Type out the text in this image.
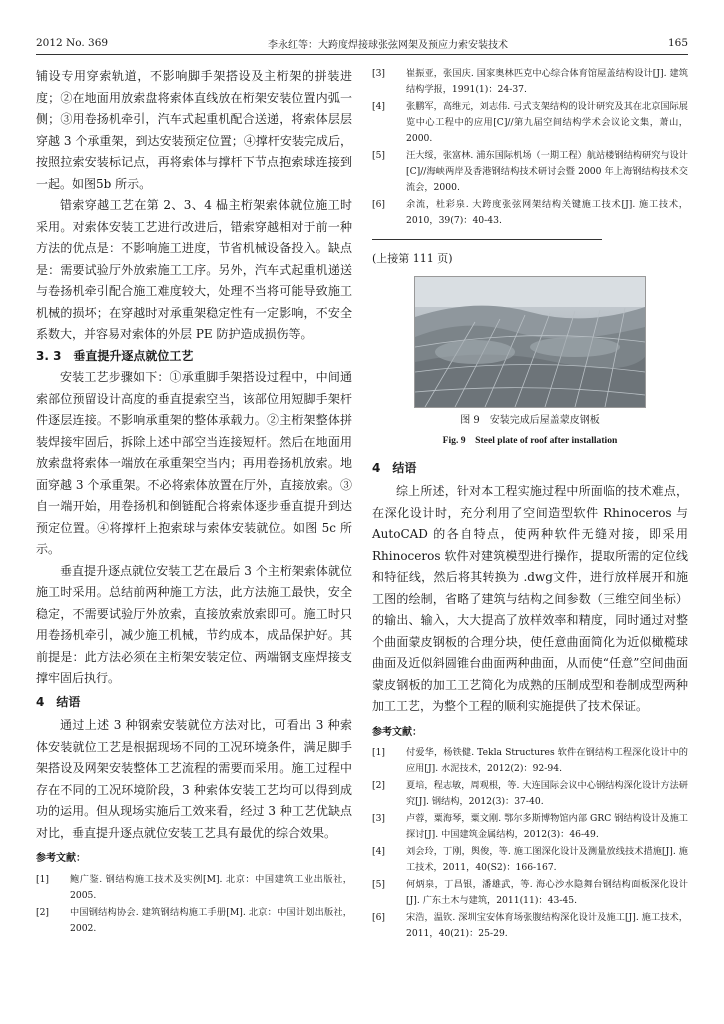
2012 No. 369	李永红等：大跨度焊接球张弦网架及预应力索安装技术	165

铺设专用穿索轨道，不影响脚手架搭设及主桁架的拼装进度；②在地面用放索盘将索体直线放在桁架安装位置内弧一侧；③用卷扬机牵引，汽车式起重机配合送递，将索体层层穿越 3 个承重架，到达安装预定位置；④撑杆安装完成后，按照拉索安装标记点，再将索体与撑杆下节点抱索球连接到一起。如图5b 所示。

错索穿越工艺在第 2、3、4 榀主桁架索体就位施工时采用。对索体安装工艺进行改进后，错索穿越相对于前一种方法的优点是：不影响施工进度，节省机械设备投入。缺点是：需要试验厅外放索施工工序。另外，汽车式起重机递送与卷扬机牵引配合施工难度较大，处理不当将可能导致施工机械的损坏；在穿越时对承重架稳定性有一定影响，不安全系数大，并容易对索体的外层 PE 防护造成损伤等。

3. 3　垂直提升逐点就位工艺

安装工艺步骤如下：①承重脚手架搭设过程中，中间通索部位预留设计高度的垂直提索空当，该部位用短脚手架杆件逐层连接。不影响承重架的整体承载力。②主桁架整体拼装焊接牢固后，拆除上述中部空当连接短杆。然后在地面用放索盘将索体一端放在承重架空当内；再用卷扬机放索。地面穿越 3 个承重架。不必将索体放置在厅外，直接放索。③自一端开始，用卷扬机和倒链配合将索体逐步垂直提升到达预定位置。④将撑杆上抱索球与索体安装就位。如图 5c 所示。

垂直提升逐点就位安装工艺在最后 3 个主桁架索体就位施工时采用。总结前两种施工方法，此方法施工最快，安全稳定，不需要试验厅外放索，直接放索放索即可。施工时只用卷扬机牵引，减少施工机械，节约成本，成品保护好。其前提是：此方法必须在主桁架安装定位、两端钢支座焊接支撑牢固后执行。

4　结语

通过上述 3 种钢索安装就位方法对比，可看出 3 种索体安装就位工艺是根据现场不同的工况环境条件，满足脚手架搭设及网架安装整体工艺流程的需要而采用。施工过程中存在不同的工况环境阶段，3 种索体安装工艺均可以得到成功的运用。但从现场实施后工效来看，经过 3 种工艺优缺点对比，垂直提升逐点就位安装工艺具有最优的综合效果。

参考文献：

[1]	鲍广鉴. 钢结构施工技术及实例[M]. 北京：中国建筑工业出版社，2005.
[2]	中国钢结构协会. 建筑钢结构施工手册[M]. 北京：中国计划出版社，2002.
[3]	崔振亚，张国庆. 国家奥林匹克中心综合体育馆屋盖结构设计[J]. 建筑结构学报，1991(1)：24-37.
[4]	张鹏军，高维元，刘志伟. 弓式支架结构的设计研究及其在北京国际展览中心工程中的应用[C]//第九届空间结构学术会议论文集，萧山，2000.
[5]	汪大绥，张富林. 浦东国际机场（一期工程）航站楼钢结构研究与设计[C]//海峡两岸及香港钢结构技术研讨会暨 2000 年上海钢结构技术交流会，2000.
[6]	余流，杜彩泉. 大跨度张弦网架结构关键施工技术[J]. 施工技术，2010，39(7)：40-43.

(上接第 111 页)

图 9　安装完成后屋盖蒙皮钢板
Fig. 9　Steel plate of roof after installation

4　结语

综上所述，针对本工程实施过程中所面临的技术难点，在深化设计时，充分利用了空间造型软件 Rhinoceros 与 AutoCAD 的各自特点，使两种软件无缝对接，即采用 Rhinoceros 软件对建筑模型进行操作，提取所需的定位线和特征线，然后将其转换为 .dwg文件，进行放样展开和施工图的绘制，省略了建筑与结构之间参数（三维空间坐标）的输出、输入，大大提高了放样效率和精度，同时通过对整个曲面蒙皮钢板的合理分块，使任意曲面简化为近似橄榄球曲面及近似斜圆锥台曲面两种曲面，从而使“任意”空间曲面蒙皮钢板的加工工艺简化为成熟的压制成型和卷制成型两种加工工艺，为整个工程的顺利实施提供了技术保证。

参考文献：

[1]	付爱华，杨铁健. Tekla Structures 软件在钢结构工程深化设计中的应用[J]. 水泥技术，2012(2)：92-94.
[2]	夏培，程志敏，周观根，等. 大连国际会议中心钢结构深化设计方法研究[J]. 钢结构，2012(3)：37-40.
[3]	卢蓉，粟海琴，粟文刚. 鄂尔多斯博物馆内部 GRC 钢结构设计及施工探讨[J]. 中国建筑金属结构，2012(3)：46-49.
[4]	刘会玲，丁刚，舆俊，等. 施工图深化设计及测量放线技术措施[J]. 施工技术，2011，40(S2)：166-167.
[5]	何炳泉，丁昌银，潘雄武，等. 海心沙水隐舞台钢结构面板深化设计[J]. 广东土木与建筑，2011(11)：43-45.
[6]	宋浩，温钦. 深圳宝安体育场张腹结构深化设计及施工[J]. 施工技术，2011，40(21)：25-29.
